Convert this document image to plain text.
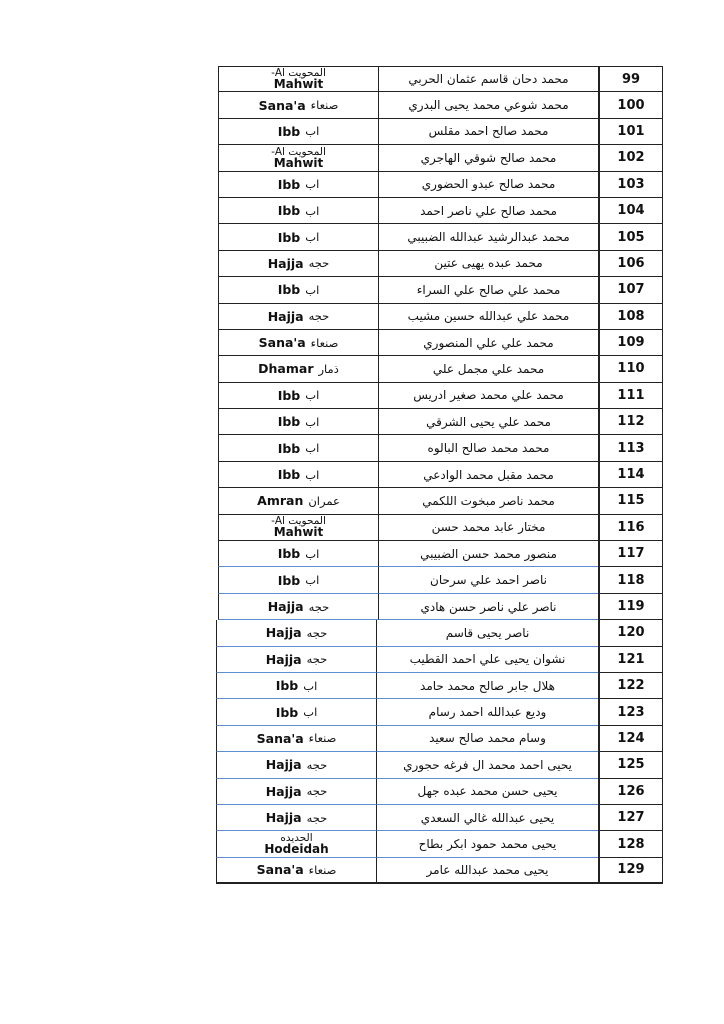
المحويت Al-
Mahwit	محمد دحان قاسم عثمان الحربي	99
Sana'a صنعاء	محمد شوعي محمد يحيى البدري	100
Ibb اب	محمد صالح احمد مقلس	101
المحويت Al-
Mahwit	محمد صالح شوقي الهاجري	102
Ibb اب	محمد صالح عبدو الحضوري	103
Ibb اب	محمد صالح علي ناصر احمد	104
Ibb اب	محمد عبدالرشيد عبدالله الضبيبي	105
Hajja حجه	محمد عبده يهيى عتين	106
Ibb اب	محمد علي صالح علي السراء	107
Hajja حجه	محمد علي عبدالله حسين مشيب	108
Sana'a صنعاء	محمد علي علي المنصوري	109
Dhamar ذمار	محمد علي مجمل علي	110
Ibb اب	محمد علي محمد صغير ادريس	111
Ibb اب	محمد علي يحيى الشرقي	112
Ibb اب	محمد محمد صالح البالوه	113
Ibb اب	محمد مقبل محمد الوادعي	114
Amran عمران	محمد ناصر مبخوت اللكمي	115
المحويت Al-
Mahwit	مختار عابد محمد حسن	116
Ibb اب	منصور محمد حسن الضبيبي	117
Ibb اب	ناصر احمد علي سرحان	118
Hajja حجه	ناصر علي ناصر حسن هادي	119
Hajja حجه	ناصر يحيى قاسم	120
Hajja حجه	نشوان يحيى علي احمد القطيب	121
Ibb اب	هلال جابر صالح محمد حامد	122
Ibb اب	وديع عبدالله احمد رسام	123
Sana'a صنعاء	وسام محمد صالح سعيد	124
Hajja حجه	يحيى احمد محمد ال فرغه حجوري	125
Hajja حجه	يحيى حسن محمد عبده جهل	126
Hajja حجه	يحيى عبدالله غالي السعدي	127
الحديده
Hodeidah	يحيى محمد حمود ابكر بطاح	128
Sana'a صنعاء	يحيى محمد عبدالله عامر	129
